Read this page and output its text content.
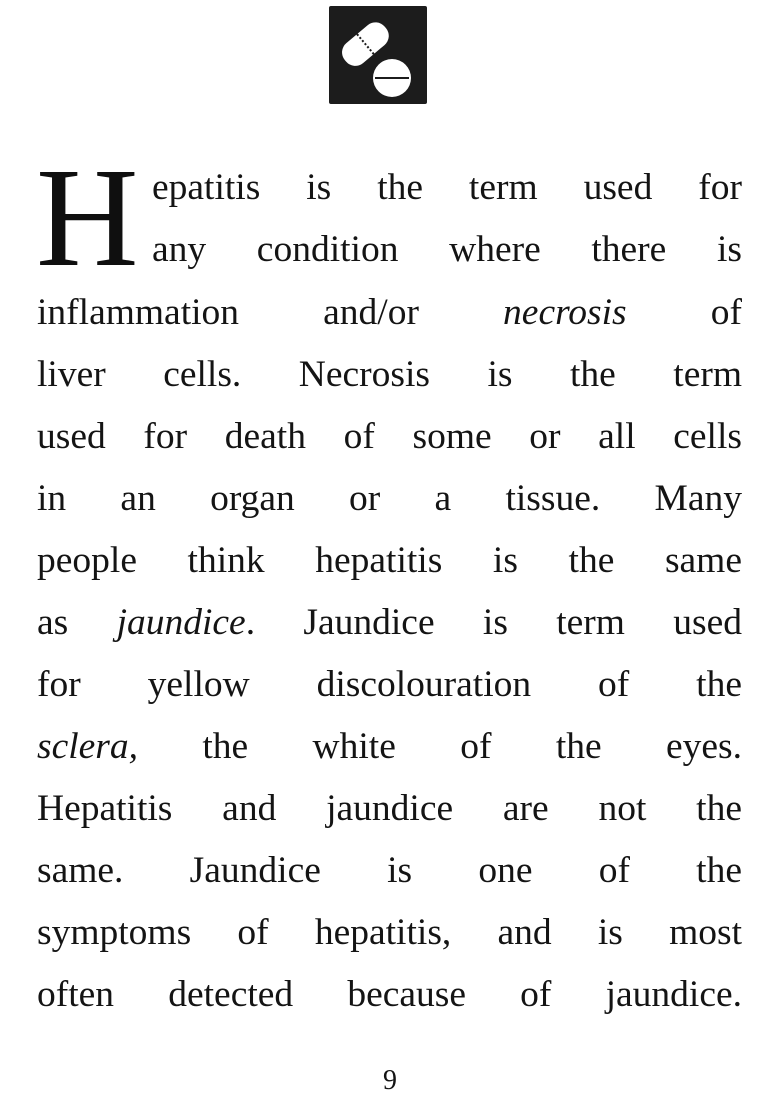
H epatitis is the term used for
any condition where there is
inflammation and/or necrosis of
liver cells. Necrosis is the term
used for death of some or all cells
in an organ or a tissue. Many
people think hepatitis is the same
as jaundice. Jaundice is term used
for yellow discolouration of the
sclera, the white of the eyes.
Hepatitis and jaundice are not the
same. Jaundice is one of the
symptoms of hepatitis, and is most
often detected because of jaundice.
9
